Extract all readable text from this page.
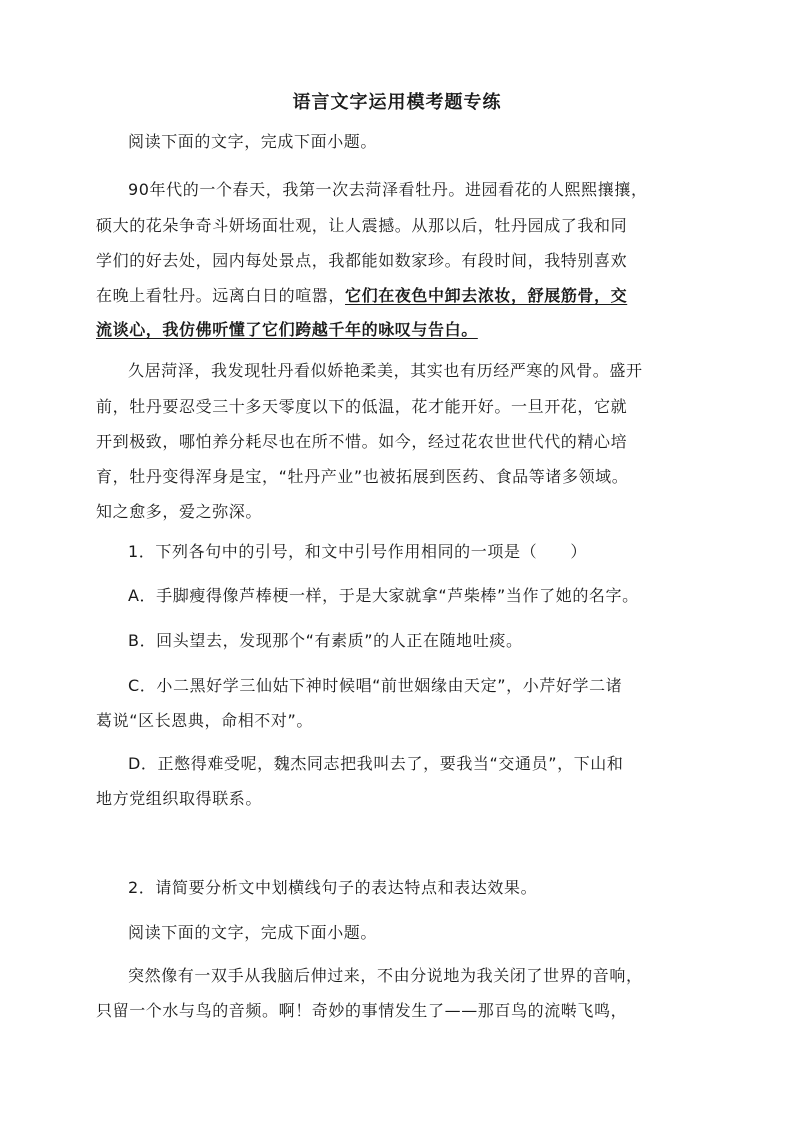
语言文字运用模考题专练
阅读下面的文字，完成下面小题。
90年代的一个春天，我第一次去菏泽看牡丹。进园看花的人熙熙攘攘，
硕大的花朵争奇斗妍场面壮观，让人震撼。从那以后，牡丹园成了我和同
学们的好去处，园内每处景点，我都能如数家珍。有段时间，我特别喜欢
在晚上看牡丹。远离白日的喧嚣，它们在夜色中卸去浓妆，舒展筋骨，交
流谈心，我仿佛听懂了它们跨越千年的咏叹与告白。
久居菏泽，我发现牡丹看似娇艳柔美，其实也有历经严寒的风骨。盛开
前，牡丹要忍受三十多天零度以下的低温，花才能开好。一旦开花，它就
开到极致，哪怕养分耗尽也在所不惜。如今，经过花农世世代代的精心培
育，牡丹变得浑身是宝，“牡丹产业”也被拓展到医药、食品等诸多领域。
知之愈多，爱之弥深。
1．下列各句中的引号，和文中引号作用相同的一项是（　　）
A．手脚瘦得像芦棒梗一样，于是大家就拿“芦柴棒”当作了她的名字。
B．回头望去，发现那个“有素质”的人正在随地吐痰。
C．小二黑好学三仙姑下神时候唱“前世姻缘由天定”，小芹好学二诸
葛说“区长恩典，命相不对”。
D．正憋得难受呢，魏杰同志把我叫去了，要我当“交通员”，下山和
地方党组织取得联系。
2．请简要分析文中划横线句子的表达特点和表达效果。
阅读下面的文字，完成下面小题。
突然像有一双手从我脑后伸过来，不由分说地为我关闭了世界的音响，
只留一个水与鸟的音频。啊！奇妙的事情发生了——那百鸟的流啭飞鸣，
